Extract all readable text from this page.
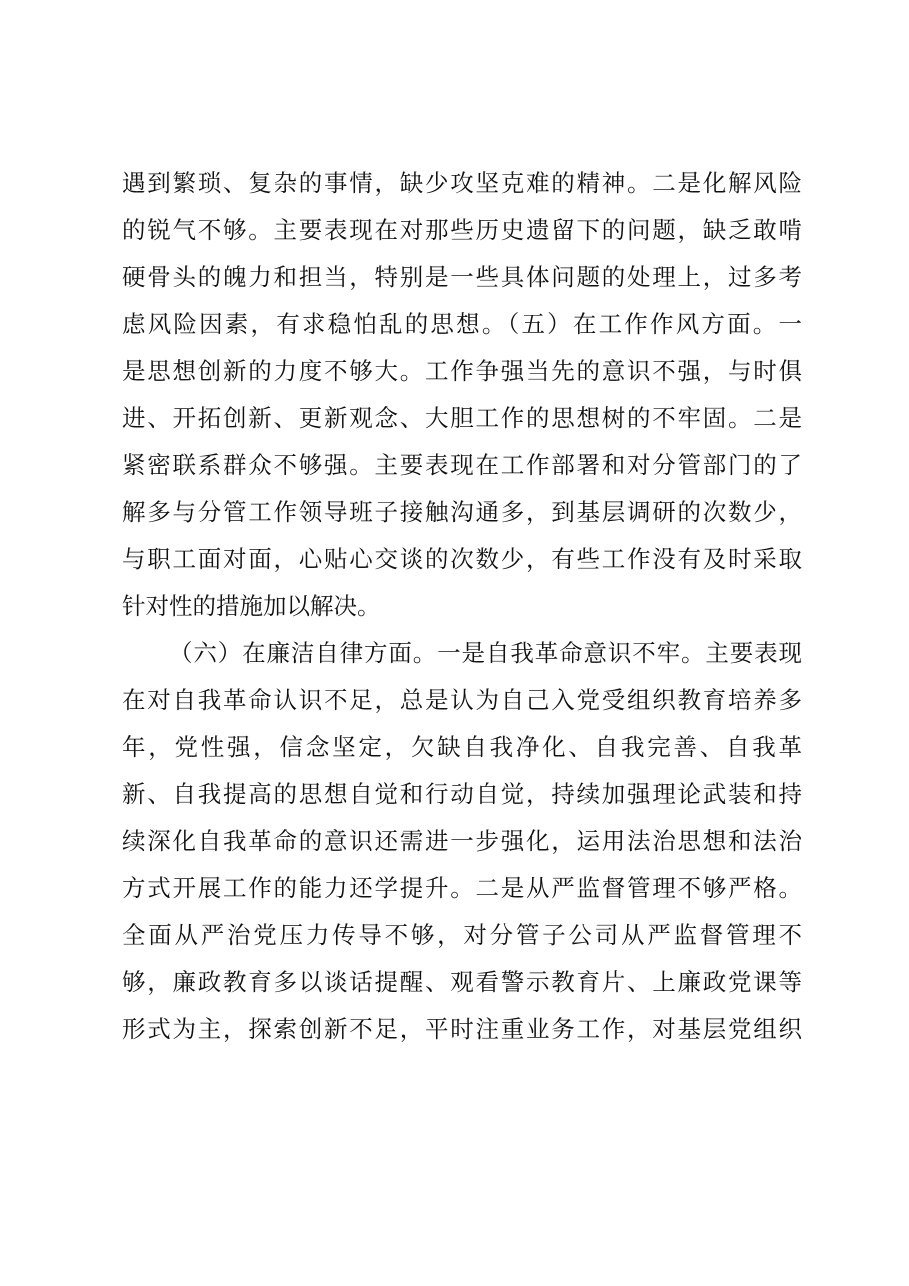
遇到繁琐、复杂的事情，缺少攻坚克难的精神。二是化解风险
的锐气不够。主要表现在对那些历史遗留下的问题，缺乏敢啃
硬骨头的魄力和担当，特别是一些具体问题的处理上，过多考
虑风险因素，有求稳怕乱的思想。（五）在工作作风方面。一
是思想创新的力度不够大。工作争强当先的意识不强，与时俱
进、开拓创新、更新观念、大胆工作的思想树的不牢固。二是
紧密联系群众不够强。主要表现在工作部署和对分管部门的了
解多与分管工作领导班子接触沟通多，到基层调研的次数少，
与职工面对面，心贴心交谈的次数少，有些工作没有及时采取
针对性的措施加以解决。
（六）在廉洁自律方面。一是自我革命意识不牢。主要表现
在对自我革命认识不足，总是认为自己入党受组织教育培养多
年，党性强，信念坚定，欠缺自我净化、自我完善、自我革
新、自我提高的思想自觉和行动自觉，持续加强理论武装和持
续深化自我革命的意识还需进一步强化，运用法治思想和法治
方式开展工作的能力还学提升。二是从严监督管理不够严格。
全面从严治党压力传导不够，对分管子公司从严监督管理不
够，廉政教育多以谈话提醒、观看警示教育片、上廉政党课等
形式为主，探索创新不足，平时注重业务工作，对基层党组织
